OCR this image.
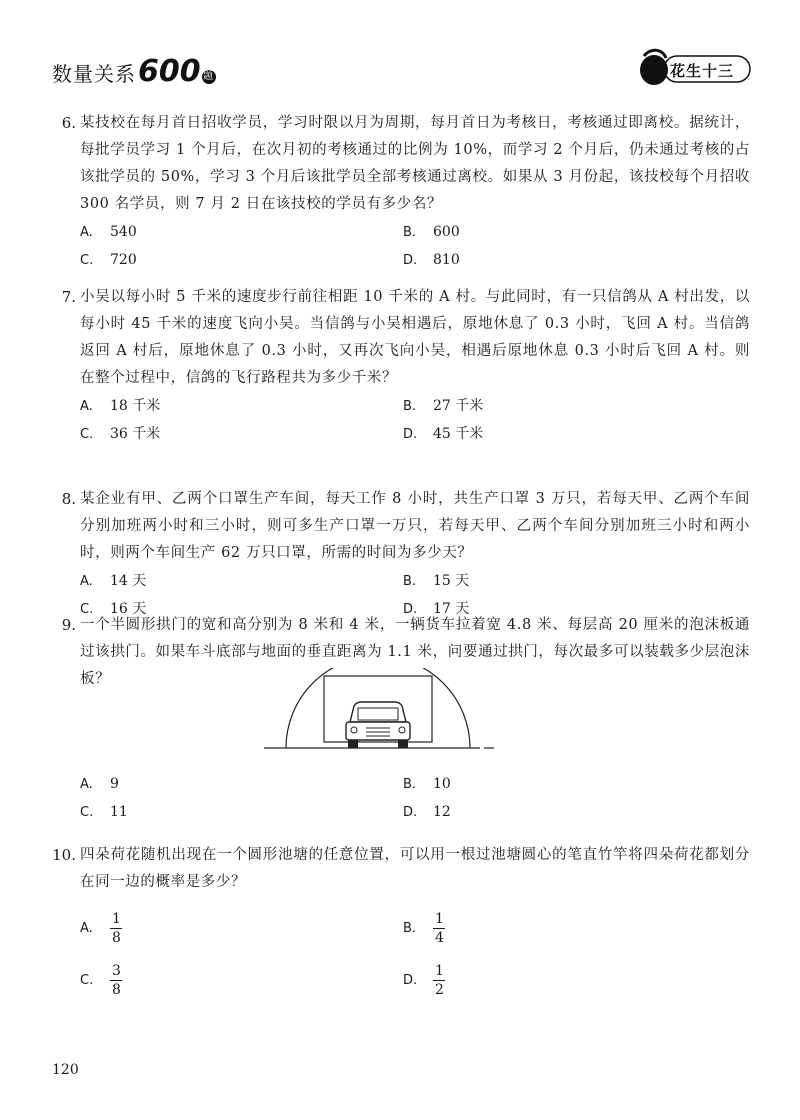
数量关系600 题	花生十三
6. 某技校在每月首日招收学员，学习时限以月为周期，每月首日为考核日，考核通过即离校。据统计，每批学员学习 1 个月后，在次月初的考核通过的比例为 10%，而学习 2 个月后，仍未通过考核的占该批学员的 50%，学习 3 个月后该批学员全部考核通过离校。如果从 3 月份起，该技校每个月招收 300 名学员，则 7 月 2 日在该技校的学员有多少名？
A. 540	B. 600
C. 720	D. 810
7. 小吴以每小时 5 千米的速度步行前往相距 10 千米的 A 村。与此同时，有一只信鸽从 A 村出发，以每小时 45 千米的速度飞向小吴。当信鸽与小吴相遇后，原地休息了 0.3 小时，飞回 A 村。当信鸽返回 A 村后，原地休息了 0.3 小时，又再次飞向小吴，相遇后原地休息 0.3 小时后飞回 A 村。则在整个过程中，信鸽的飞行路程共为多少千米？
A. 18 千米	B. 27 千米
C. 36 千米	D. 45 千米
8. 某企业有甲、乙两个口罩生产车间，每天工作 8 小时，共生产口罩 3 万只，若每天甲、乙两个车间分别加班两小时和三小时，则可多生产口罩一万只，若每天甲、乙两个车间分别加班三小时和两小时，则两个车间生产 62 万只口罩，所需的时间为多少天？
A. 14 天	B. 15 天
C. 16 天	D. 17 天
9. 一个半圆形拱门的宽和高分别为 8 米和 4 米，一辆货车拉着宽 4.8 米、每层高 20 厘米的泡沫板通过该拱门。如果车斗底部与地面的垂直距离为 1.1 米，问要通过拱门，每次最多可以装载多少层泡沫板？
A. 9	B. 10
C. 11	D. 12
10. 四朵荷花随机出现在一个圆形池塘的任意位置，可以用一根过池塘圆心的笔直竹竿将四朵荷花都划分在同一边的概率是多少？
A.	$\frac{1}{8}$	B.	$\frac{1}{4}$
C.	$\frac{3}{8}$	D.	$\frac{1}{2}$
120
